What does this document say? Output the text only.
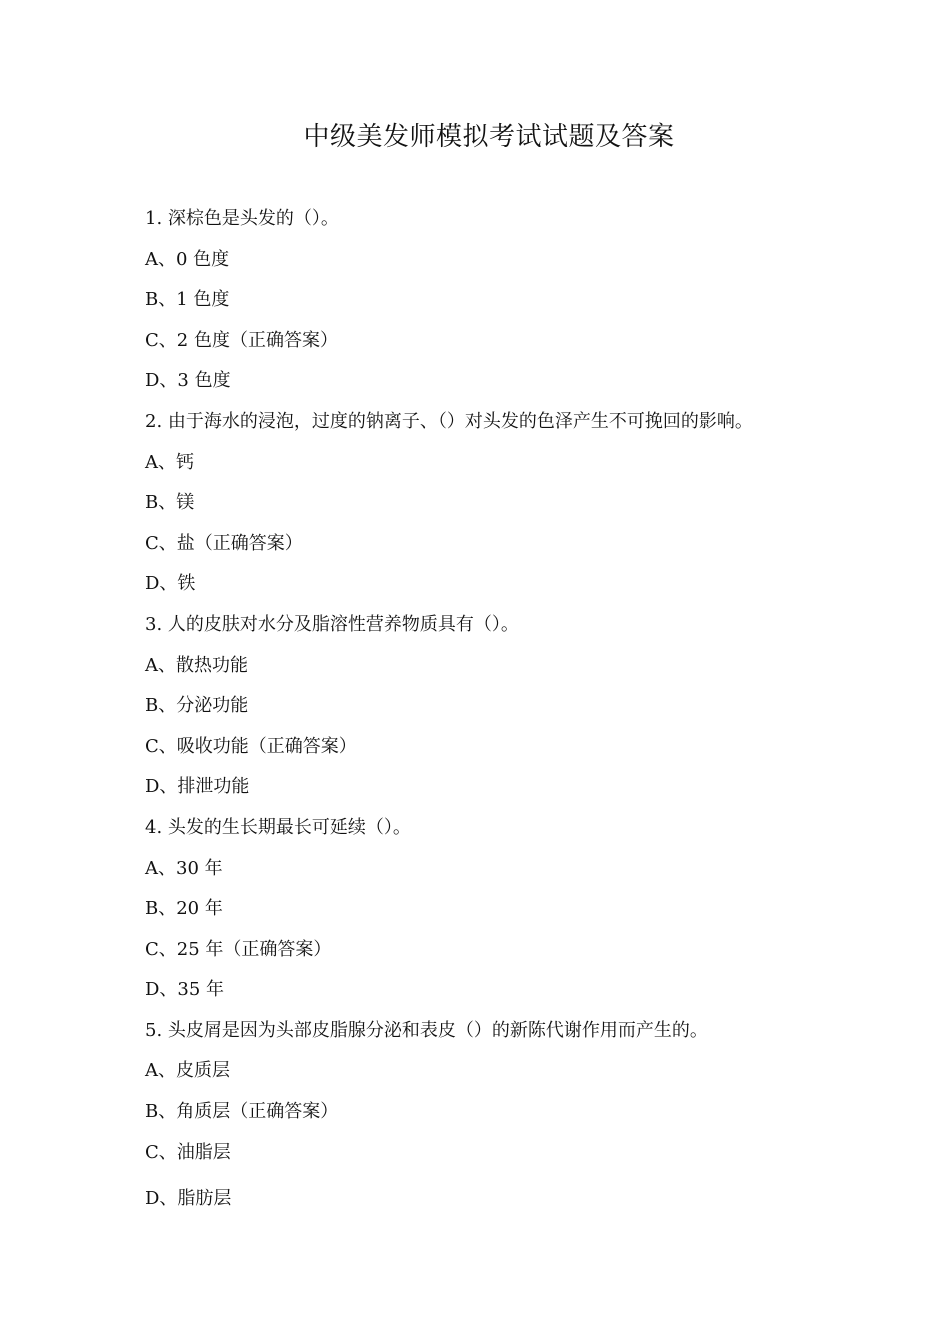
中级美发师模拟考试试题及答案
1. 深棕色是头发的（）。
A、0 色度
B、1 色度
C、2 色度（正确答案）
D、3 色度
2. 由于海水的浸泡，过度的钠离子、（）对头发的色泽产生不可挽回的影响。
A、钙
B、镁
C、盐（正确答案）
D、铁
3. 人的皮肤对水分及脂溶性营养物质具有（）。
A、散热功能
B、分泌功能
C、吸收功能（正确答案）
D、排泄功能
4. 头发的生长期最长可延续（）。
A、30 年
B、20 年
C、25 年（正确答案）
D、35 年
5. 头皮屑是因为头部皮脂腺分泌和表皮（）的新陈代谢作用而产生的。
A、皮质层
B、角质层（正确答案）
C、油脂层
D、脂肪层
